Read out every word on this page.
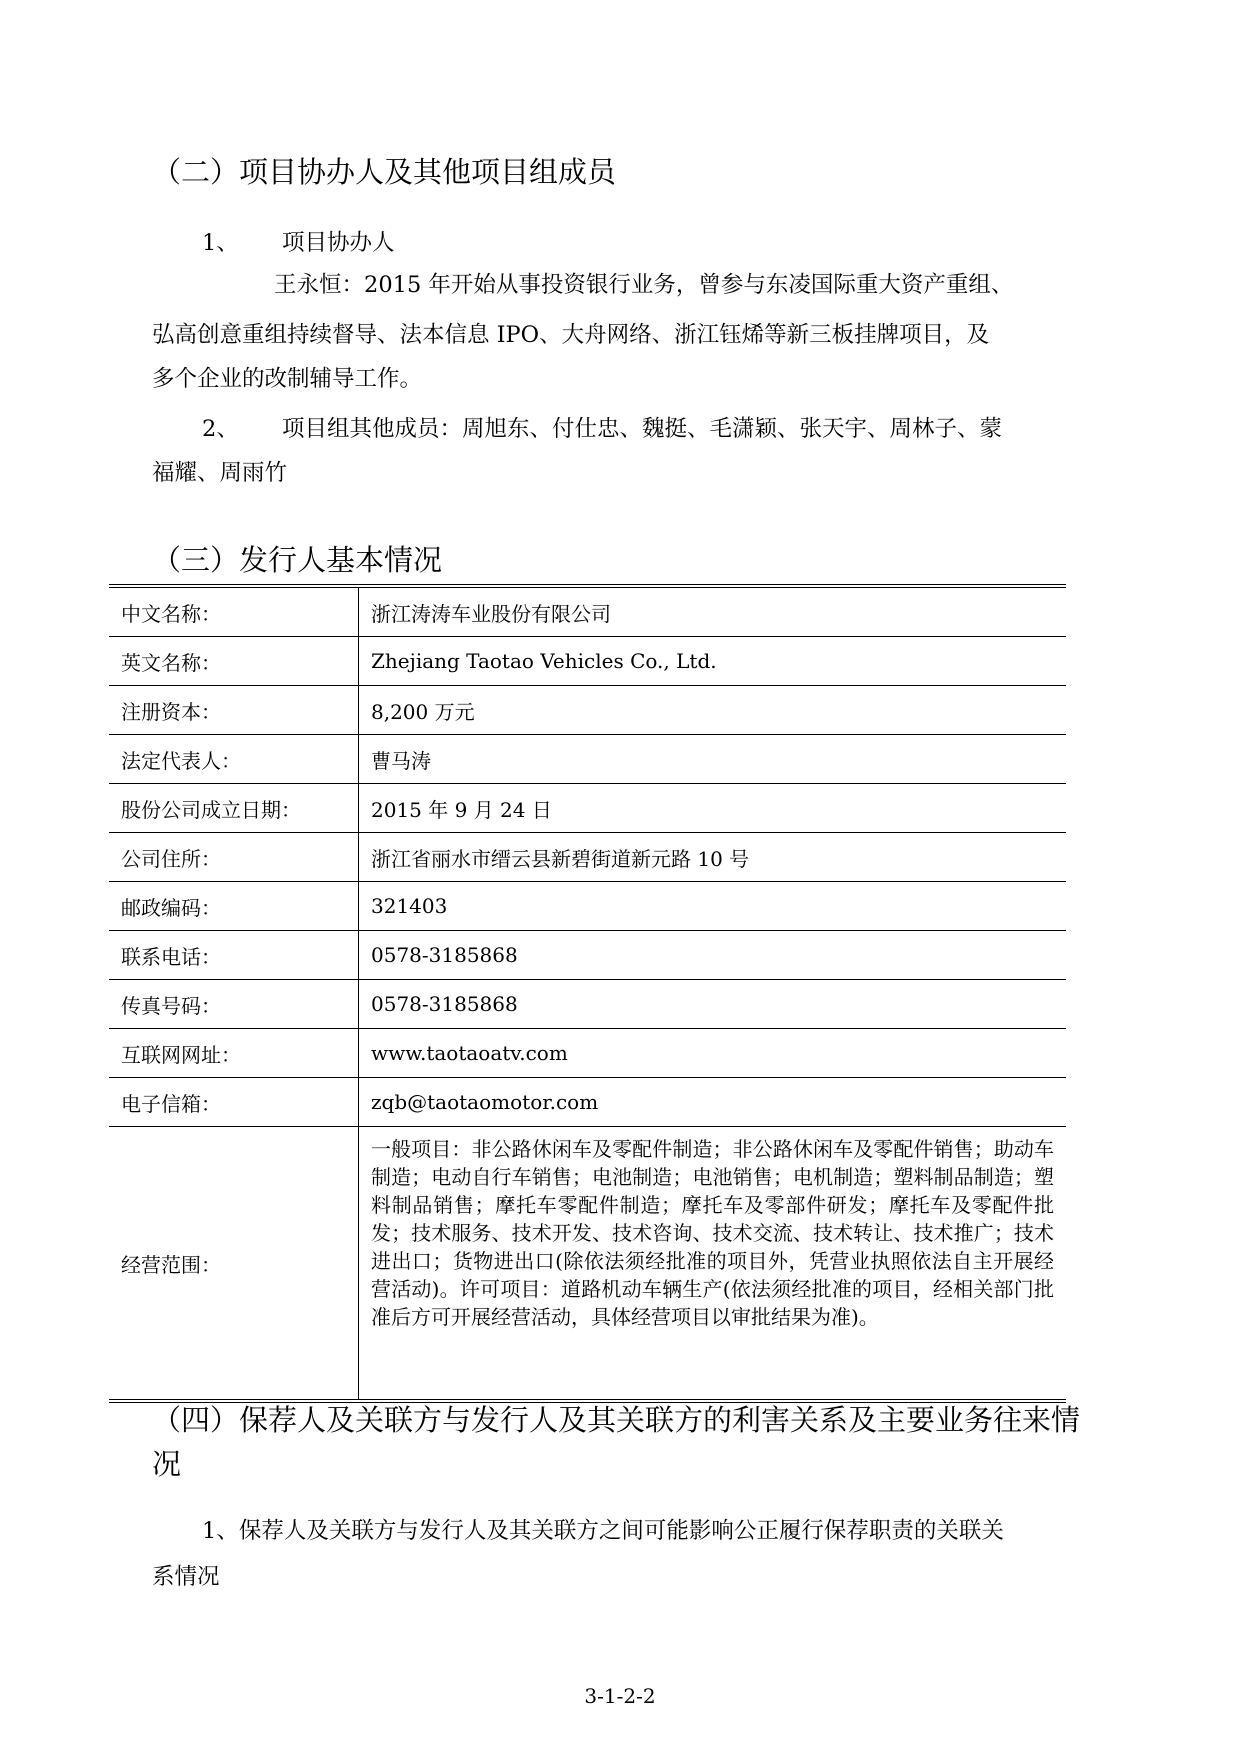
（二）项目协办人及其他项目组成员
1、 项目协办人
王永恒：2015 年开始从事投资银行业务，曾参与东凌国际重大资产重组、
弘高创意重组持续督导、法本信息 IPO、大舟网络、浙江钰烯等新三板挂牌项目，及
多个企业的改制辅导工作。
2、 项目组其他成员：周旭东、付仕忠、魏挺、毛潇颖、张天宇、周林子、蒙
福耀、周雨竹
（三）发行人基本情况
中文名称：	浙江涛涛车业股份有限公司
英文名称：	Zhejiang Taotao Vehicles Co., Ltd.
注册资本：	8,200 万元
法定代表人：	曹马涛
股份公司成立日期：	2015 年 9 月 24 日
公司住所：	浙江省丽水市缙云县新碧街道新元路 10 号
邮政编码：	321403
联系电话：	0578-3185868
传真号码：	0578-3185868
互联网网址：	www.taotaoatv.com
电子信箱：	zqb@taotaomotor.com
经营范围：	一般项目：非公路休闲车及零配件制造；非公路休闲车及零配件销售；助动车制造；电动自行车销售；电池制造；电池销售；电机制造；塑料制品制造；塑料制品销售；摩托车零配件制造；摩托车及零部件研发；摩托车及零配件批发；技术服务、技术开发、技术咨询、技术交流、技术转让、技术推广；技术进出口；货物进出口(除依法须经批准的项目外，凭营业执照依法自主开展经营活动)。许可项目：道路机动车辆生产(依法须经批准的项目，经相关部门批准后方可开展经营活动，具体经营项目以审批结果为准)。
（四）保荐人及关联方与发行人及其关联方的利害关系及主要业务往来情况
1、保荐人及关联方与发行人及其关联方之间可能影响公正履行保荐职责的关联关
系情况
3-1-2-2
